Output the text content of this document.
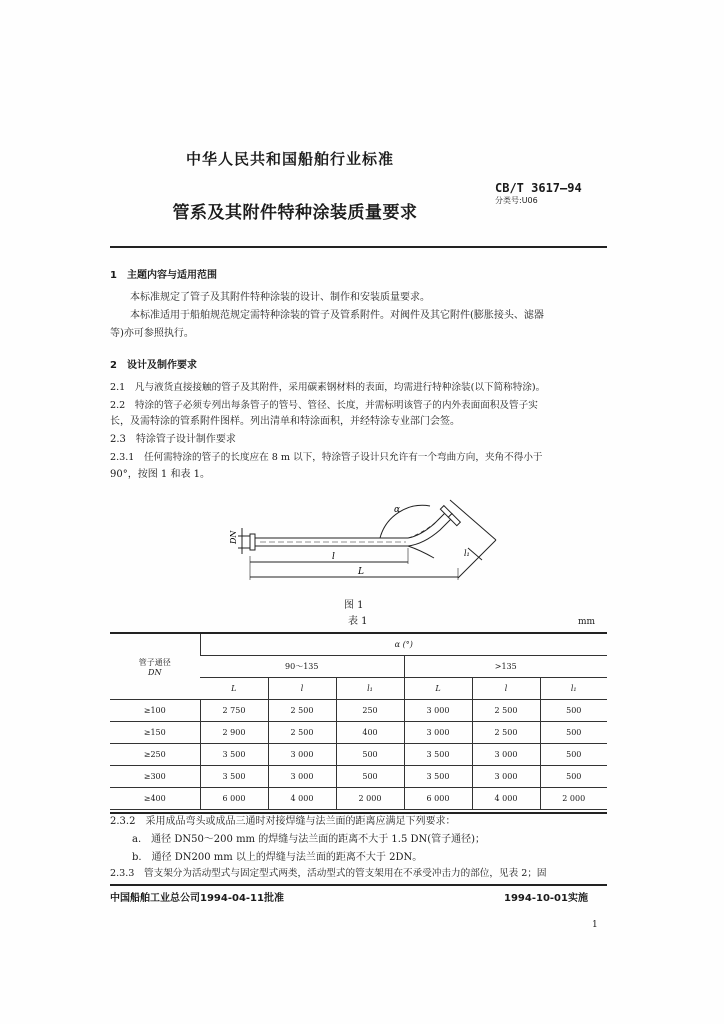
中华人民共和国船舶行业标准
CB/T 3617—94
分类号:U06
管系及其附件特种涂装质量要求
1　主题内容与适用范围
本标准规定了管子及其附件特种涂装的设计、制作和安装质量要求。
本标准适用于船舶规范规定需特种涂装的管子及管系附件。对阀件及其它附件(膨胀接头、滤器
等)亦可参照执行。
2　设计及制作要求
2.1　凡与液货直接接触的管子及其附件，采用碳素钢材料的表面，均需进行特种涂装(以下简称特涂)。
2.2　特涂的管子必须专列出每条管子的管号、管径、长度，并需标明该管子的内外表面面积及管子实
长，及需特涂的管系附件图样。列出清单和特涂面积，并经特涂专业部门会签。
2.3　特涂管子设计制作要求
2.3.1　任何需特涂的管子的长度应在 8 m 以下，特涂管子设计只允许有一个弯曲方向，夹角不得小于
90°，按图 1 和表 1。
DN
α
l
L
l₁
图 1
表 1	mm
管子通径
DN	α (°)					
	90～135			>135		
	L	l	l₁	L	l	l₁
≥100	2 750	2 500	250	3 000	2 500	500
≥150	2 900	2 500	400	3 000	2 500	500
≥250	3 500	3 000	500	3 500	3 000	500
≥300	3 500	3 000	500	3 500	3 000	500
≥400	6 000	4 000	2 000	6 000	4 000	2 000
2.3.2　采用成品弯头或成品三通时对接焊缝与法兰面的距离应满足下列要求：
a.　通径 DN50～200 mm 的焊缝与法兰面的距离不大于 1.5 DN(管子通径)；
b.　通径 DN200 mm 以上的焊缝与法兰面的距离不大于 2DN。
2.3.3　管支架分为活动型式与固定型式两类，活动型式的管支架用在不承受冲击力的部位，见表 2；固
中国船舶工业总公司1994-04-11批准	1994-10-01实施
1
